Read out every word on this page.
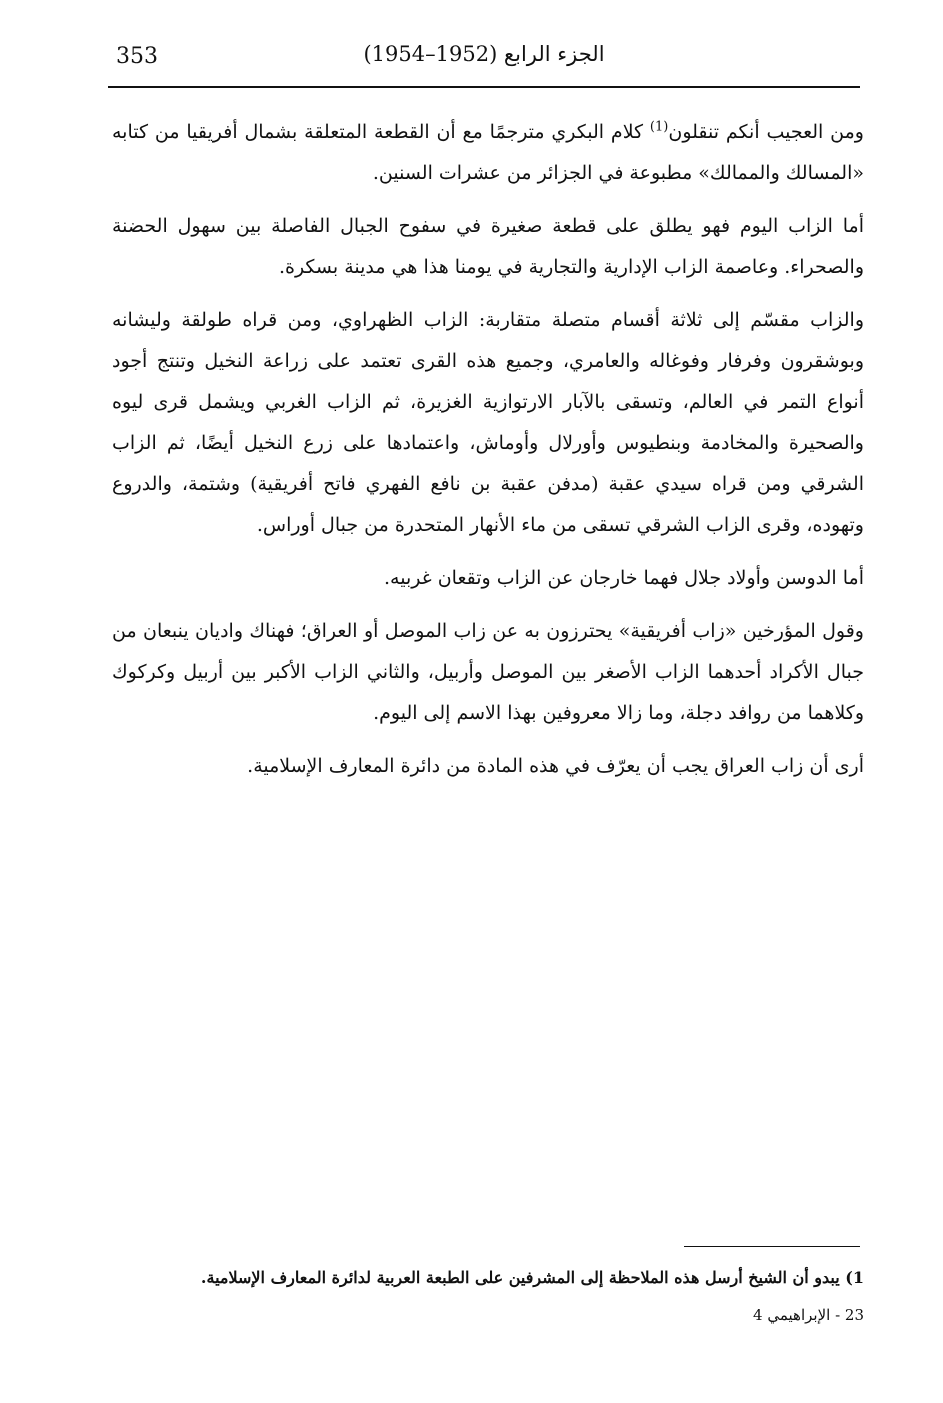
353	الجزء الرابع (1952–1954)

ومن العجيب أنكم تنقلون$^{(1)}$ كلام البكري مترجمًا مع أن القطعة المتعلقة بشمال أفريقيا من كتابه «المسالك والممالك» مطبوعة في الجزائر من عشرات السنين.

أما الزاب اليوم فهو يطلق على قطعة صغيرة في سفوح الجبال الفاصلة بين سهول الحضنة والصحراء. وعاصمة الزاب الإدارية والتجارية في يومنا هذا هي مدينة بسكرة.

والزاب مقسّم إلى ثلاثة أقسام متصلة متقاربة: الزاب الظهراوي، ومن قراه طولقة وليشانه وبوشقرون وفرفار وفوغاله والعامري، وجميع هذه القرى تعتمد على زراعة النخيل وتنتج أجود أنواع التمر في العالم، وتسقى بالآبار الارتوازية الغزيرة، ثم الزاب الغربي ويشمل قرى ليوه والصحيرة والمخادمة وبنطيوس وأورلال وأوماش، واعتمادها على زرع النخيل أيضًا، ثم الزاب الشرقي ومن قراه سيدي عقبة (مدفن عقبة بن نافع الفهري فاتح أفريقية) وشتمة، والدروع وتهوده، وقرى الزاب الشرقي تسقى من ماء الأنهار المتحدرة من جبال أوراس.

أما الدوسن وأولاد جلال فهما خارجان عن الزاب وتقعان غربيه.

وقول المؤرخين «زاب أفريقية» يحترزون به عن زاب الموصل أو العراق؛ فهناك واديان ينبعان من جبال الأكراد أحدهما الزاب الأصغر بين الموصل وأربيل، والثاني الزاب الأكبر بين أربيل وكركوك وكلاهما من روافد دجلة، وما زالا معروفين بهذا الاسم إلى اليوم.

أرى أن زاب العراق يجب أن يعرّف في هذه المادة من دائرة المعارف الإسلامية.

1) يبدو أن الشيخ أرسل هذه الملاحظة إلى المشرفين على الطبعة العربية لدائرة المعارف الإسلامية.
23 - الإبراهيمي 4
